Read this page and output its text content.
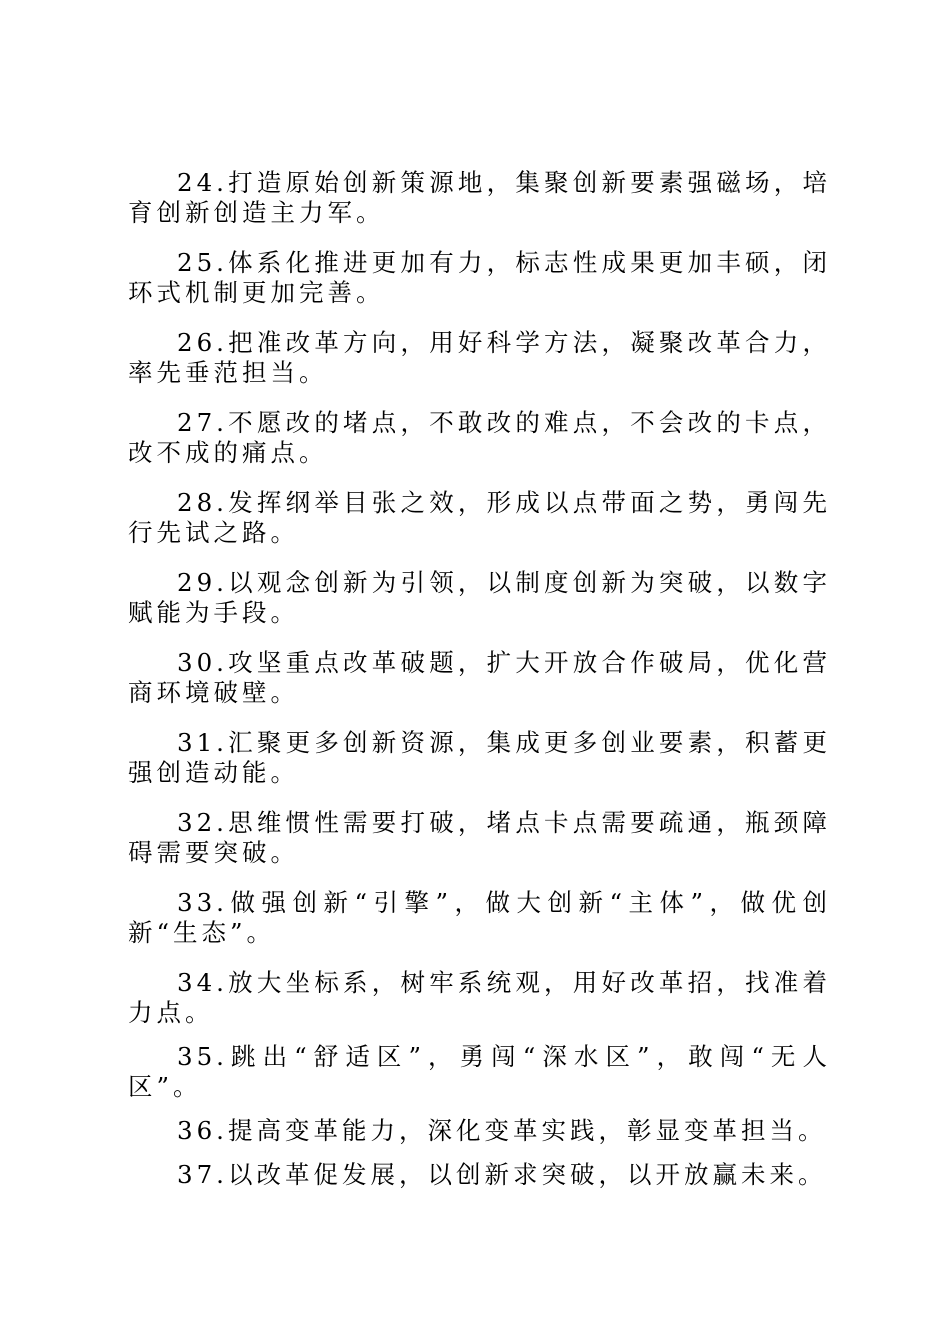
24.打造原始创新策源地，集聚创新要素强磁场，培育创新创造主力军。

25.体系化推进更加有力，标志性成果更加丰硕，闭环式机制更加完善。

26.把准改革方向，用好科学方法，凝聚改革合力，率先垂范担当。

27.不愿改的堵点，不敢改的难点，不会改的卡点，改不成的痛点。

28.发挥纲举目张之效，形成以点带面之势，勇闯先行先试之路。

29.以观念创新为引领，以制度创新为突破，以数字赋能为手段。

30.攻坚重点改革破题，扩大开放合作破局，优化营商环境破壁。

31.汇聚更多创新资源，集成更多创业要素，积蓄更强创造动能。

32.思维惯性需要打破，堵点卡点需要疏通，瓶颈障碍需要突破。

33.做强创新“引擎”，做大创新“主体”，做优创新“生态”。

34.放大坐标系，树牢系统观，用好改革招，找准着力点。

35.跳出“舒适区”，勇闯“深水区”，敢闯“无人区”。

36.提高变革能力，深化变革实践，彰显变革担当。

37.以改革促发展，以创新求突破，以开放赢未来。
